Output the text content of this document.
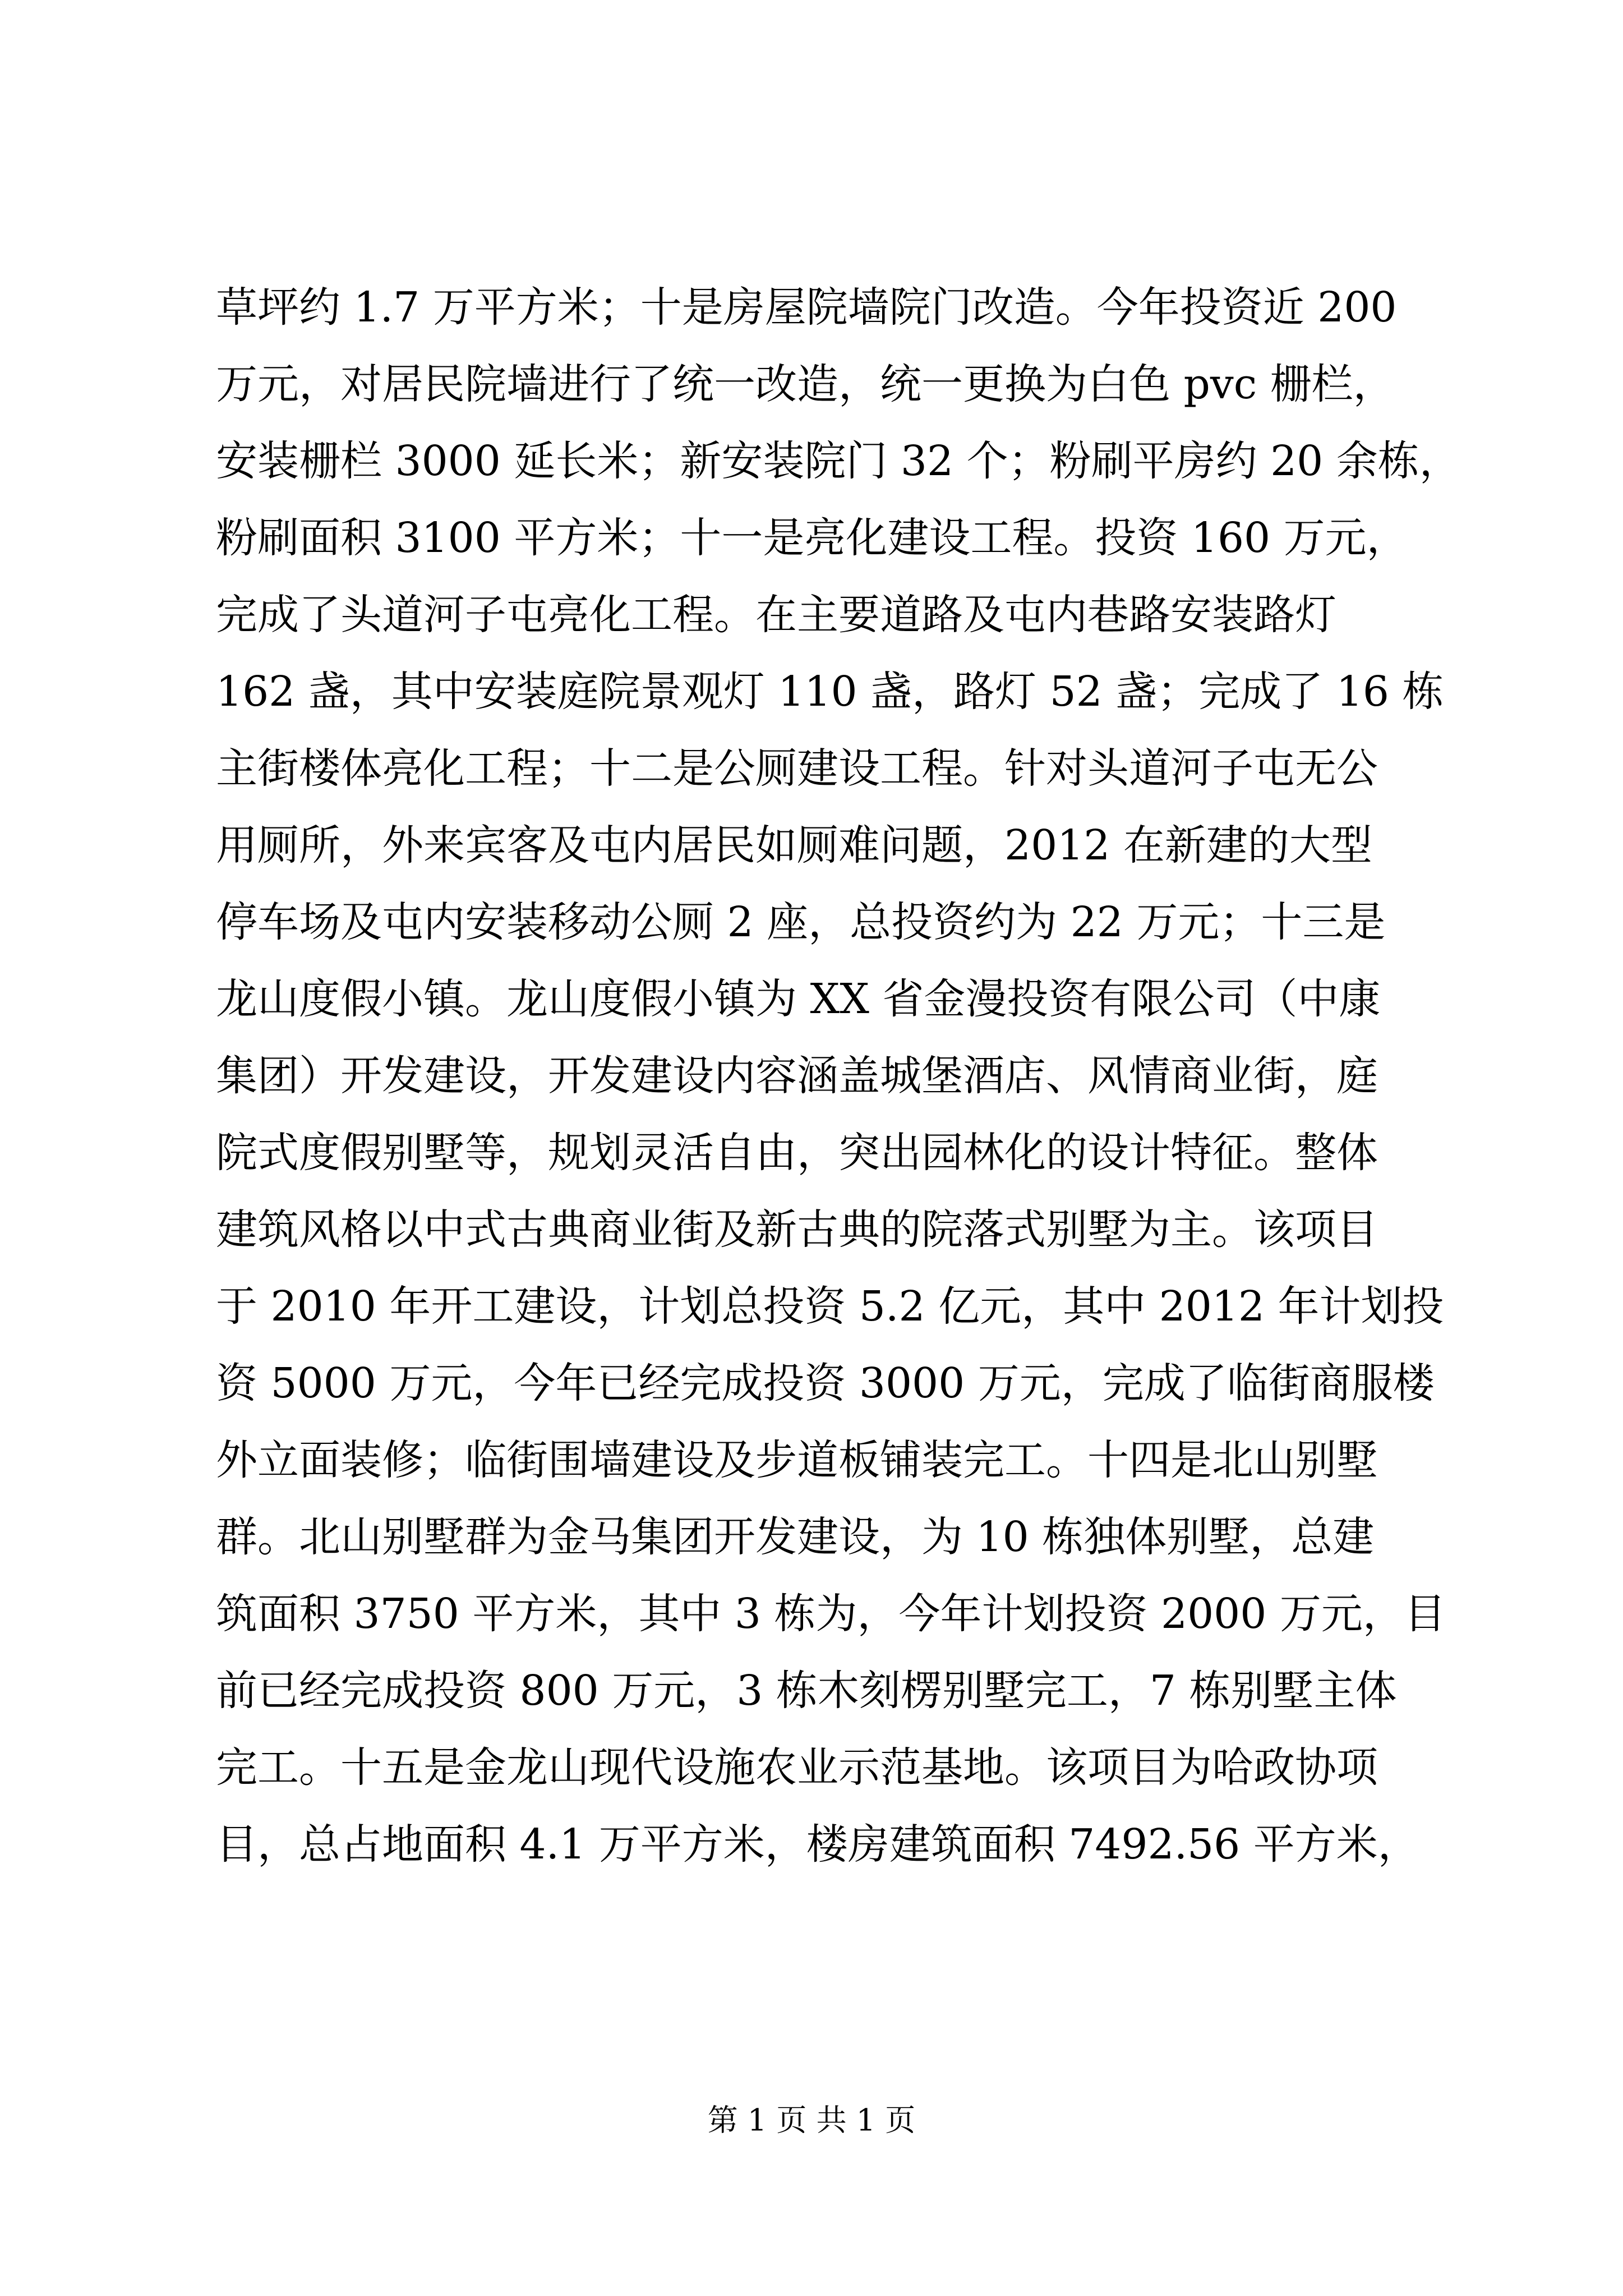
草坪约 1.7 万平方米；十是房屋院墙院门改造。今年投资近 200
万元，对居民院墙进行了统一改造，统一更换为白色 pvc 栅栏，
安装栅栏 3000 延长米；新安装院门 32 个；粉刷平房约 20 余栋，
粉刷面积 3100 平方米；十一是亮化建设工程。投资 160 万元，
完成了头道河子屯亮化工程。在主要道路及屯内巷路安装路灯
162 盏，其中安装庭院景观灯 110 盏，路灯 52 盏；完成了 16 栋
主街楼体亮化工程；十二是公厕建设工程。针对头道河子屯无公
用厕所，外来宾客及屯内居民如厕难问题，2012 在新建的大型
停车场及屯内安装移动公厕 2 座，总投资约为 22 万元；十三是
龙山度假小镇。龙山度假小镇为 XX 省金漫投资有限公司（中康
集团）开发建设，开发建设内容涵盖城堡酒店、风情商业街，庭
院式度假别墅等，规划灵活自由，突出园林化的设计特征。整体
建筑风格以中式古典商业街及新古典的院落式别墅为主。该项目
于 2010 年开工建设，计划总投资 5.2 亿元，其中 2012 年计划投
资 5000 万元，今年已经完成投资 3000 万元，完成了临街商服楼
外立面装修；临街围墙建设及步道板铺装完工。十四是北山别墅
群。北山别墅群为金马集团开发建设，为 10 栋独体别墅，总建
筑面积 3750 平方米，其中 3 栋为，今年计划投资 2000 万元，目
前已经完成投资 800 万元，3 栋木刻楞别墅完工，7 栋别墅主体
完工。十五是金龙山现代设施农业示范基地。该项目为哈政协项
目，总占地面积 4.1 万平方米，楼房建筑面积 7492.56 平方米，
第 1 页 共 1 页
